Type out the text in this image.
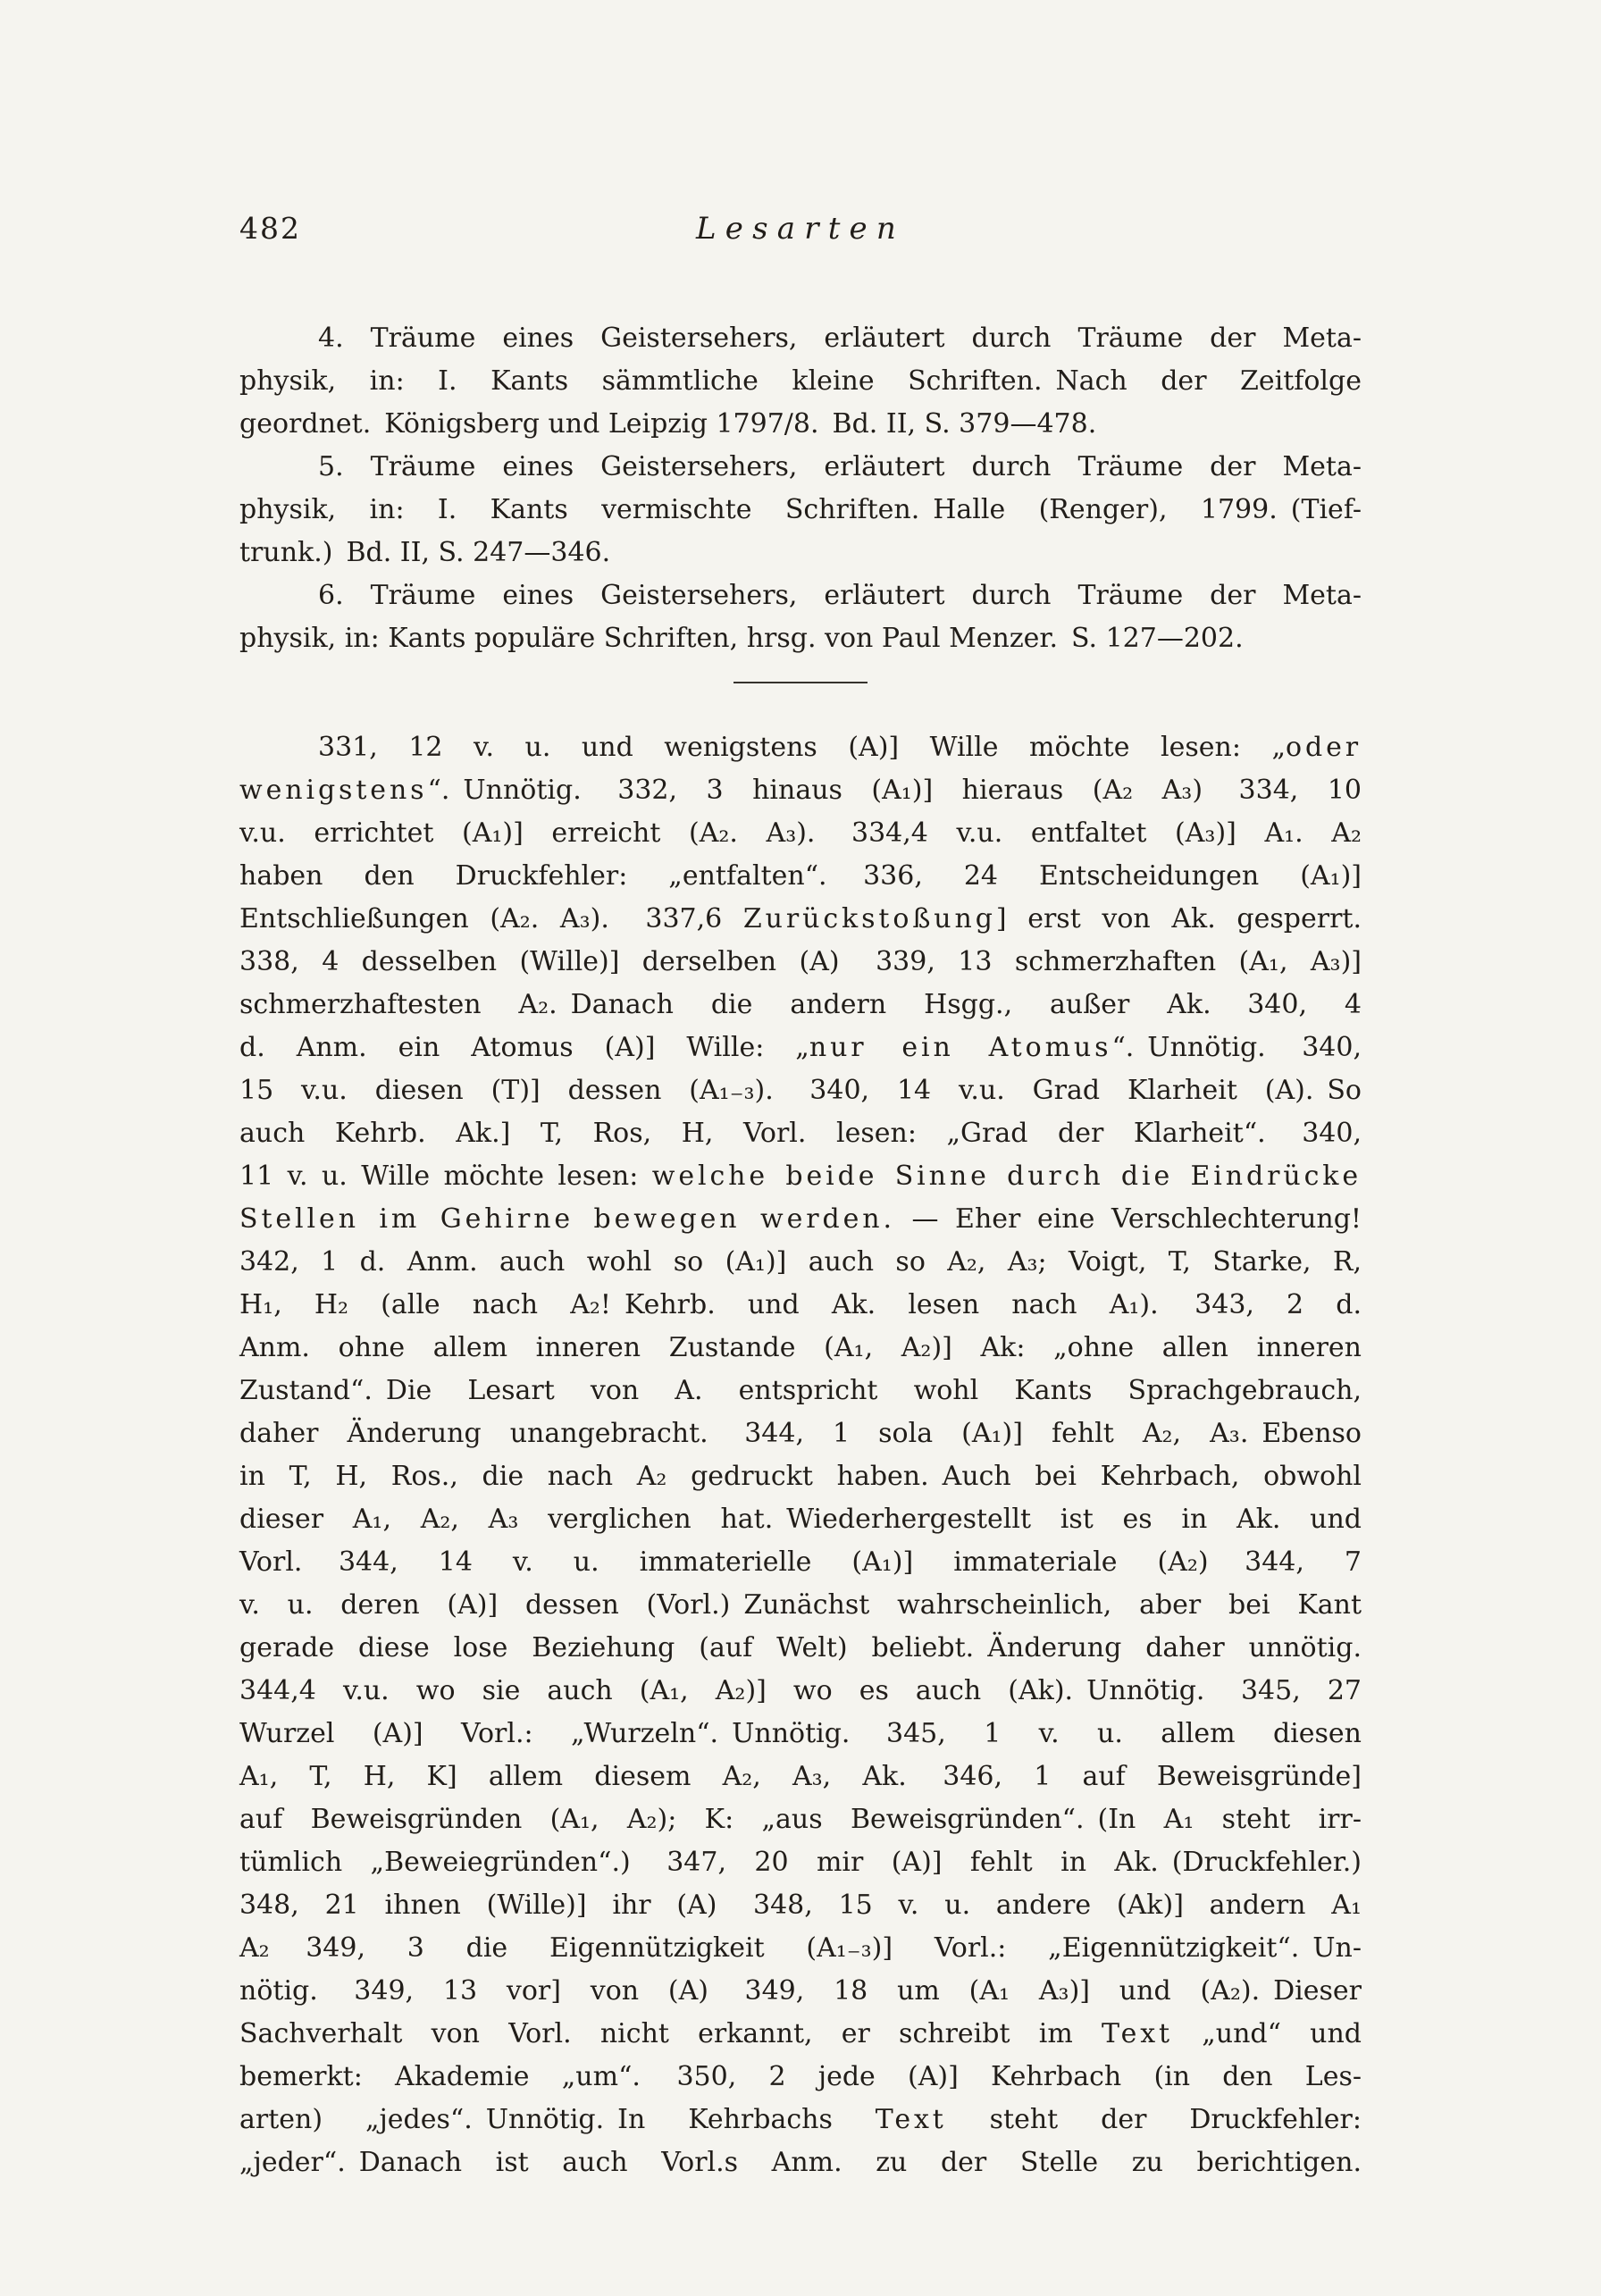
482	Lesarten
4. Träume eines Geistersehers, erläutert durch Träume der Meta-
physik, in: I. Kants sämmtliche kleine Schriften. Nach der Zeitfolge
geordnet. Königsberg und Leipzig 1797/8. Bd. II, S. 379—478.
5. Träume eines Geistersehers, erläutert durch Träume der Meta-
physik, in: I. Kants vermischte Schriften. Halle (Renger), 1799. (Tief-
trunk.) Bd. II, S. 247—346.
6. Träume eines Geistersehers, erläutert durch Träume der Meta-
physik, in: Kants populäre Schriften, hrsg. von Paul Menzer. S. 127—202.
331, 12 v. u. und wenigstens (A)] Wille möchte lesen: „oder
wenigstens“. Unnötig. 332, 3 hinaus (A₁)] hieraus (A₂ A₃) 334, 10
v.u. errichtet (A₁)] erreicht (A₂. A₃). 334,4 v.u. entfaltet (A₃)] A₁. A₂
haben den Druckfehler: „entfalten“. 336, 24 Entscheidungen (A₁)]
Entschließungen (A₂. A₃). 337,6 Zurückstoßung] erst von Ak. gesperrt.
338, 4 desselben (Wille)] derselben (A) 339, 13 schmerzhaften (A₁, A₃)]
schmerzhaftesten A₂. Danach die andern Hsgg., außer Ak. 340, 4
d. Anm. ein Atomus (A)] Wille: „nur ein Atomus“. Unnötig. 340,
15 v.u. diesen (T)] dessen (A₁₋₃). 340, 14 v.u. Grad Klarheit (A). So
auch Kehrb. Ak.] T, Ros, H, Vorl. lesen: „Grad der Klarheit“. 340,
11 v. u. Wille möchte lesen: welche beide Sinne durch die Eindrücke
Stellen im Gehirne bewegen werden. — Eher eine Verschlechterung!
342, 1 d. Anm. auch wohl so (A₁)] auch so A₂, A₃; Voigt, T, Starke, R,
H₁, H₂ (alle nach A₂! Kehrb. und Ak. lesen nach A₁). 343, 2 d.
Anm. ohne allem inneren Zustande (A₁, A₂)] Ak: „ohne allen inneren
Zustand“. Die Lesart von A. entspricht wohl Kants Sprachgebrauch,
daher Änderung unangebracht. 344, 1 sola (A₁)] fehlt A₂, A₃. Ebenso
in T, H, Ros., die nach A₂ gedruckt haben. Auch bei Kehrbach, obwohl
dieser A₁, A₂, A₃ verglichen hat. Wiederhergestellt ist es in Ak. und
Vorl. 344, 14 v. u. immaterielle (A₁)] immateriale (A₂) 344, 7
v. u. deren (A)] dessen (Vorl.) Zunächst wahrscheinlich, aber bei Kant
gerade diese lose Beziehung (auf Welt) beliebt. Änderung daher unnötig.
344,4 v.u. wo sie auch (A₁, A₂)] wo es auch (Ak). Unnötig. 345, 27
Wurzel (A)] Vorl.: „Wurzeln“. Unnötig. 345, 1 v. u. allem diesen
A₁, T, H, K] allem diesem A₂, A₃, Ak. 346, 1 auf Beweisgründe]
auf Beweisgründen (A₁, A₂); K: „aus Beweisgründen“. (In A₁ steht irr-
tümlich „Beweiegründen“.) 347, 20 mir (A)] fehlt in Ak. (Druckfehler.)
348, 21 ihnen (Wille)] ihr (A) 348, 15 v. u. andere (Ak)] andern A₁
A₂ 349, 3 die Eigennützigkeit (A₁₋₃)] Vorl.: „Eigennützigkeit“. Un-
nötig. 349, 13 vor] von (A) 349, 18 um (A₁ A₃)] und (A₂). Dieser
Sachverhalt von Vorl. nicht erkannt, er schreibt im Text „und“ und
bemerkt: Akademie „um“. 350, 2 jede (A)] Kehrbach (in den Les-
arten) „jedes“. Unnötig. In Kehrbachs Text steht der Druckfehler:
„jeder“. Danach ist auch Vorl.s Anm. zu der Stelle zu berichtigen.
